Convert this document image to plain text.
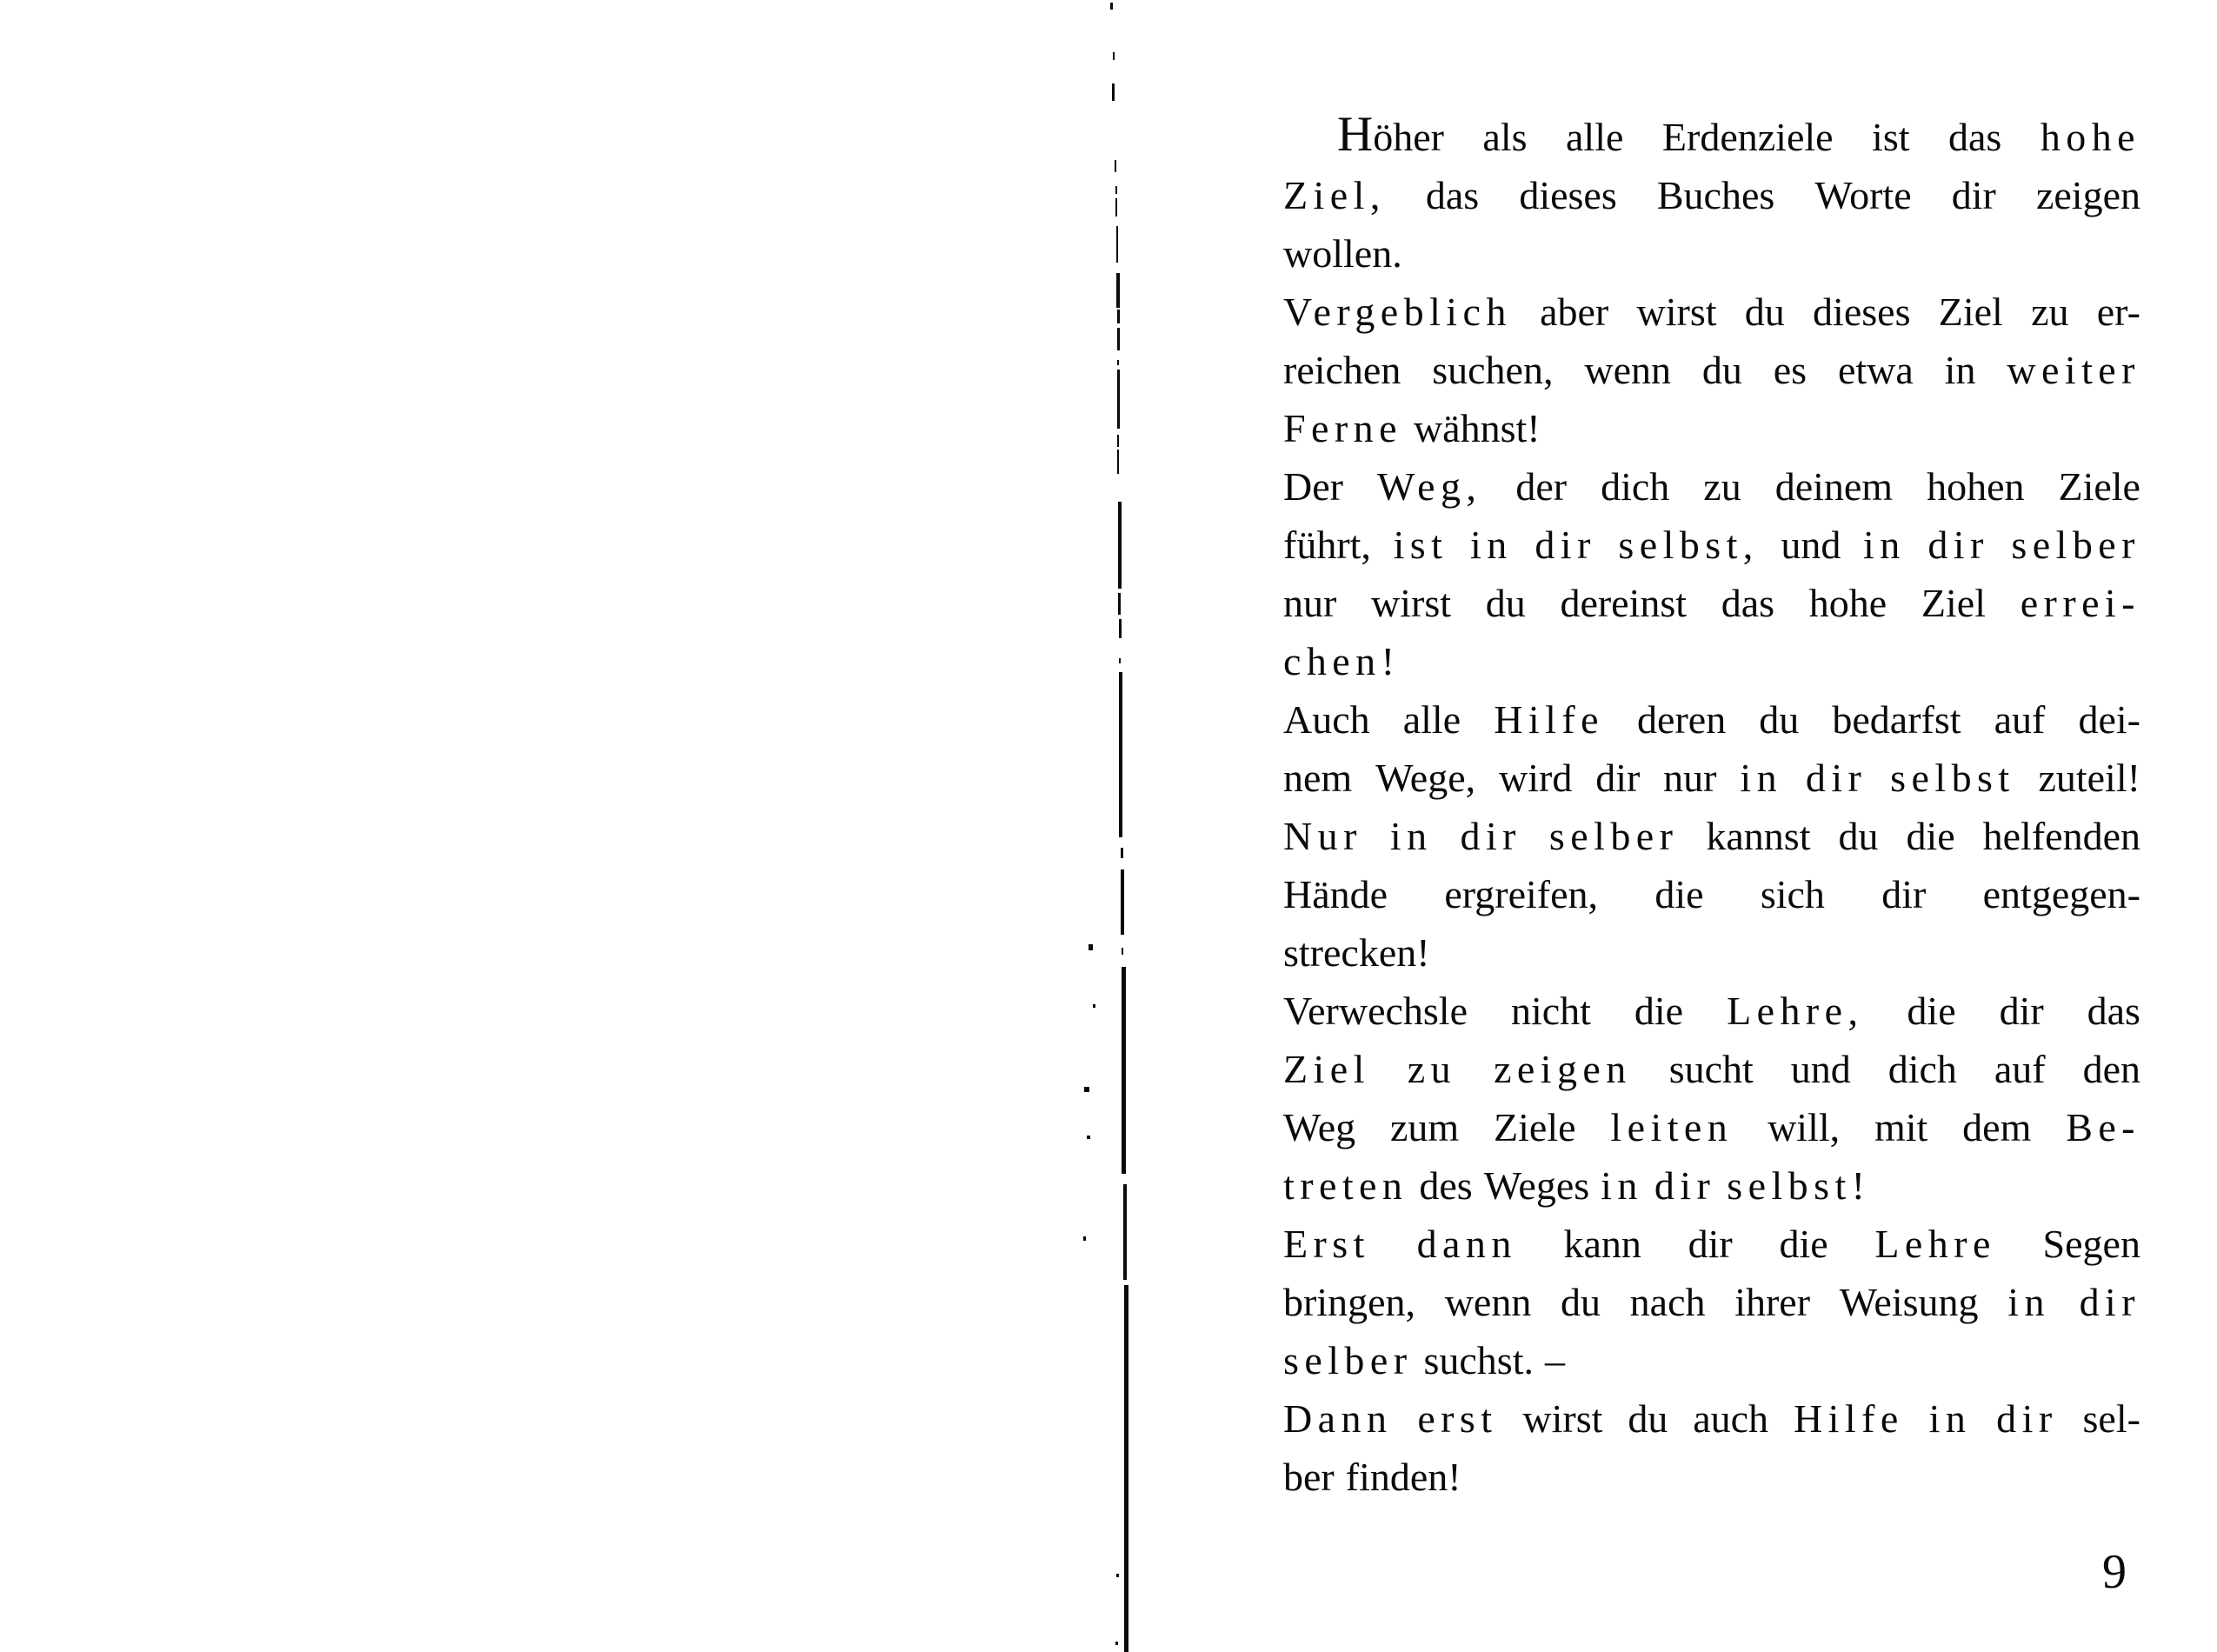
Höher als alle Erdenziele ist das hohe
Ziel, das dieses Buches Worte dir zeigen
wollen.
Vergeblich aber wirst du dieses Ziel zu er-
reichen suchen, wenn du es etwa in weiter
Ferne wähnst!
Der Weg, der dich zu deinem hohen Ziele
führt, ist in dir selbst, und in dir selber
nur wirst du dereinst das hohe Ziel errei-
chen!
Auch alle Hilfe deren du bedarfst auf dei-
nem Wege, wird dir nur in dir selbst zuteil!
Nur in dir selber kannst du die helfenden
Hände ergreifen, die sich dir entgegen-
strecken!
Verwechsle nicht die Lehre, die dir das
Ziel zu zeigen sucht und dich auf den
Weg zum Ziele leiten will, mit dem Be-
treten des Weges in dir selbst!
Erst dann kann dir die Lehre Segen
bringen, wenn du nach ihrer Weisung in dir
selber suchst. –
Dann erst wirst du auch Hilfe in dir sel-
ber finden!
9
